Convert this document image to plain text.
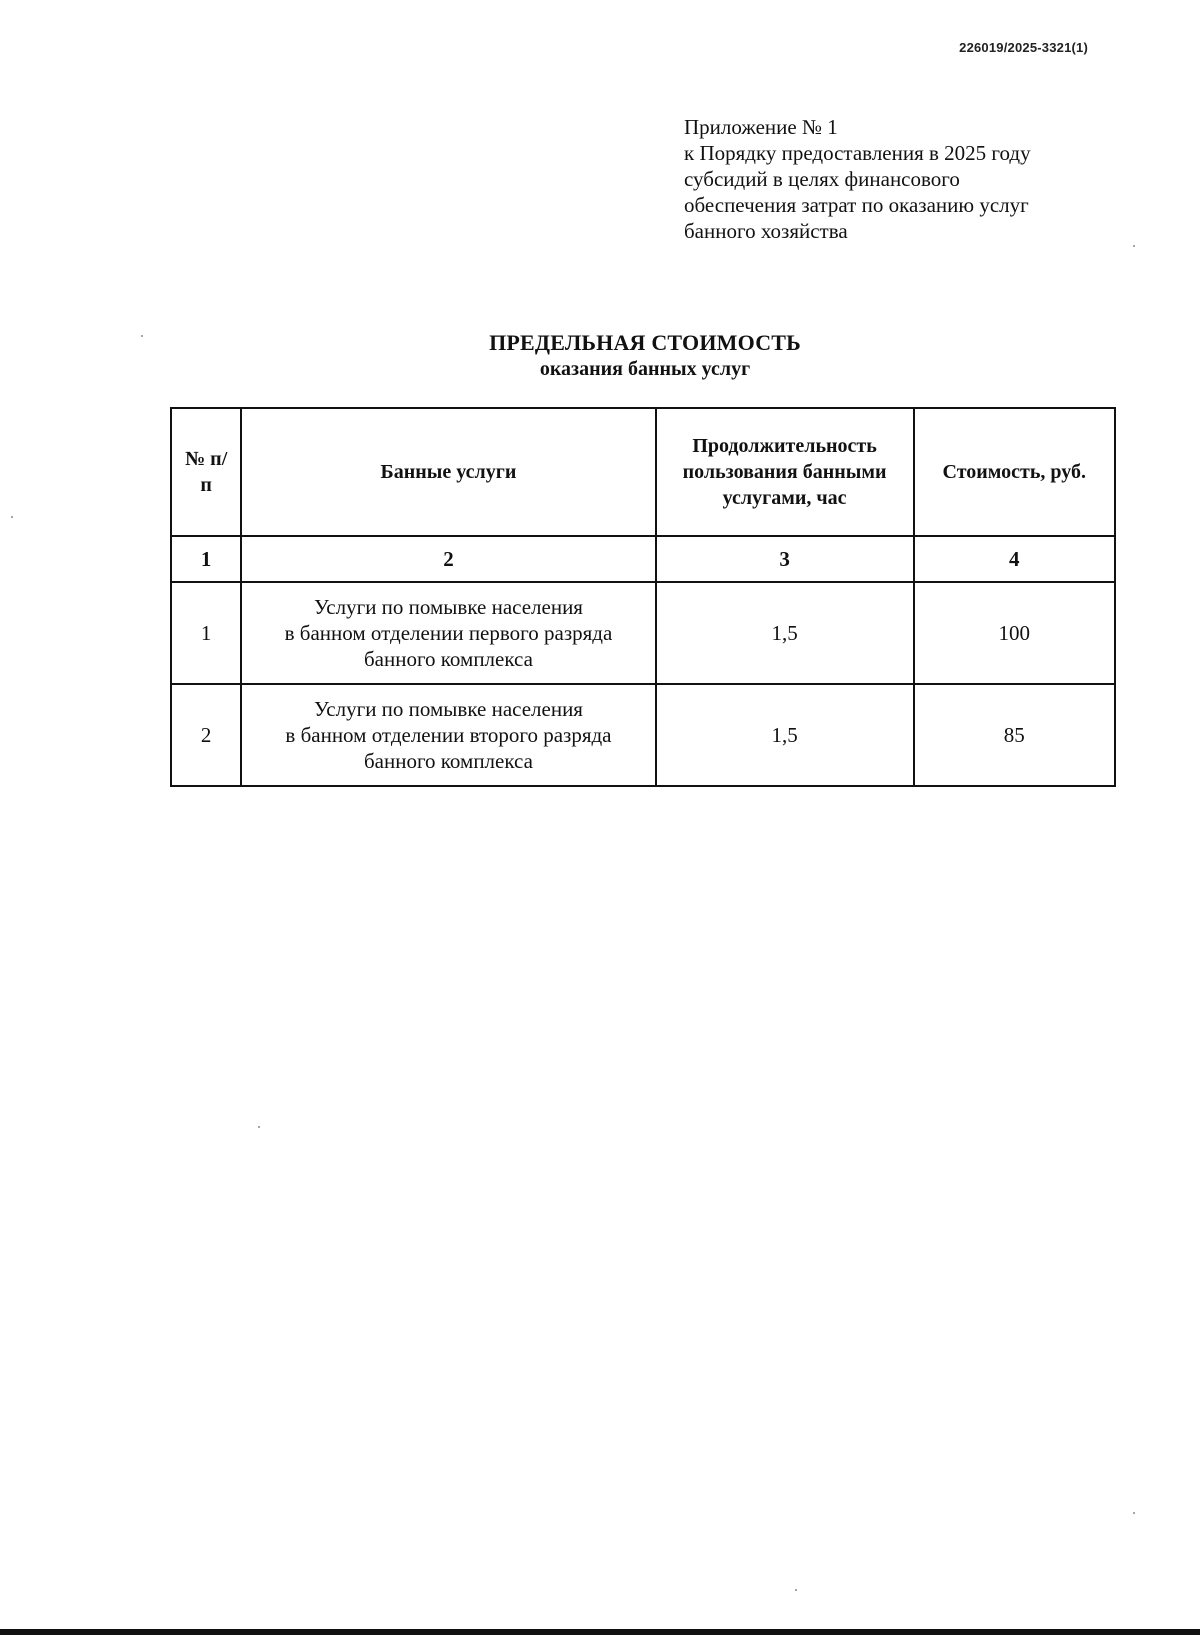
226019/2025-3321(1)
Приложение № 1
к Порядку предоставления в 2025 году
субсидий в целях финансового
обеспечения затрат по оказанию услуг
банного хозяйства
ПРЕДЕЛЬНАЯ СТОИМОСТЬ
оказания банных услуг
№ п/п	Банные услуги	Продолжительность пользования банными услугами, час	Стоимость, руб.
1	2	3	4
1	Услуги по помывке населения
в банном отделении первого разряда
банного комплекса	1,5	100
2	Услуги по помывке населения
в банном отделении второго разряда
банного комплекса	1,5	85
